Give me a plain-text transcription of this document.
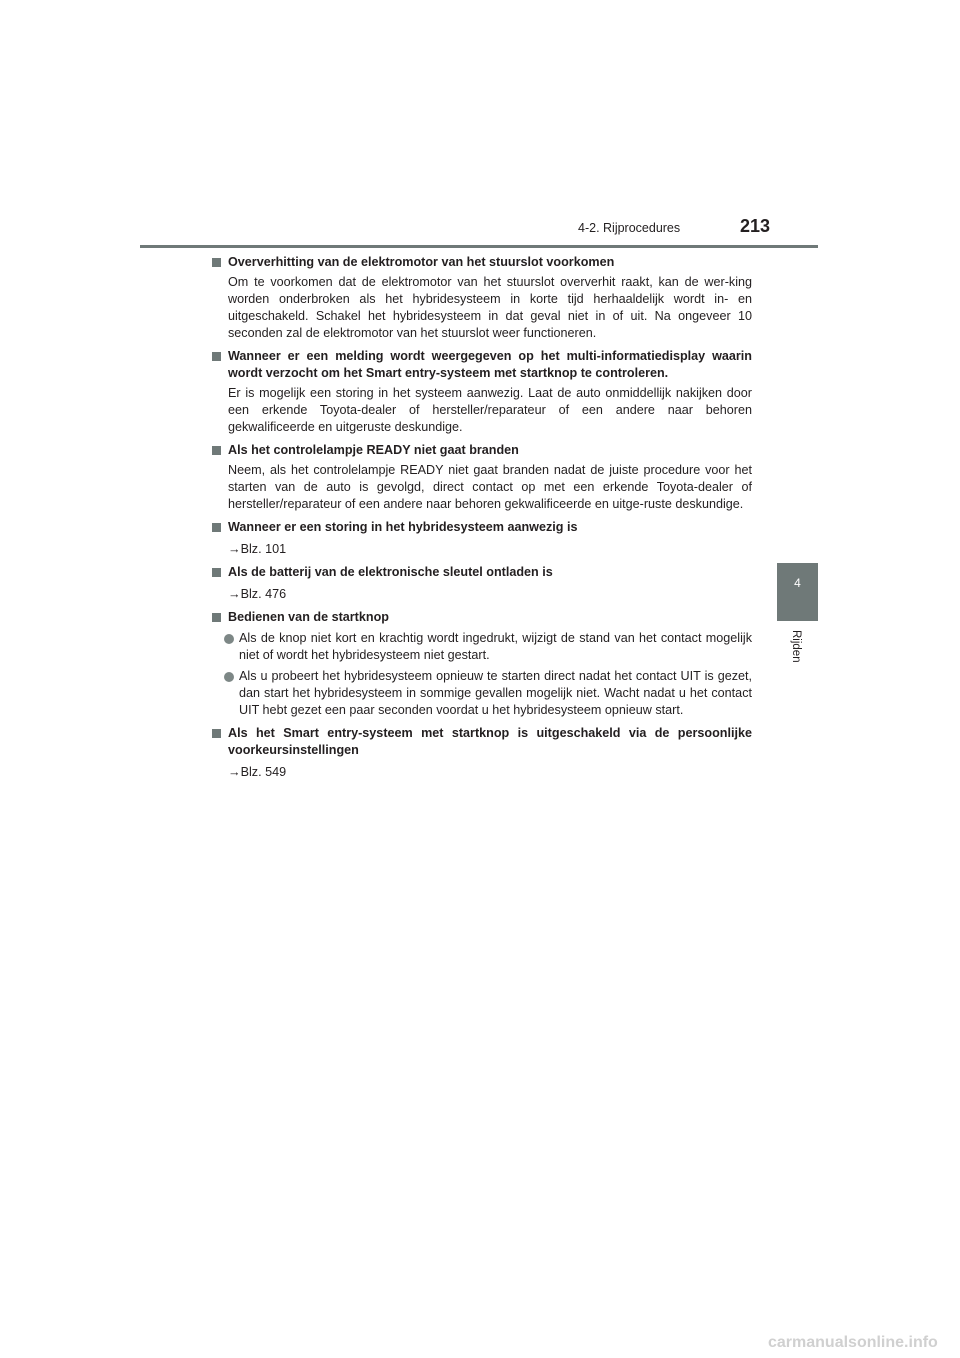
4-2. Rijprocedures	213
4
Rijden
Oververhitting van de elektromotor van het stuurslot voorkomen
Om te voorkomen dat de elektromotor van het stuurslot oververhit raakt, kan de wer-king worden onderbroken als het hybridesysteem in korte tijd herhaaldelijk wordt in- en uitgeschakeld. Schakel het hybridesysteem in dat geval niet in of uit. Na ongeveer 10 seconden zal de elektromotor van het stuurslot weer functioneren.
Wanneer er een melding wordt weergegeven op het multi-informatiedisplay waarin wordt verzocht om het Smart entry-systeem met startknop te controleren.
Er is mogelijk een storing in het systeem aanwezig. Laat de auto onmiddellijk nakijken door een erkende Toyota-dealer of hersteller/reparateur of een andere naar behoren gekwalificeerde en uitgeruste deskundige.
Als het controlelampje READY niet gaat branden
Neem, als het controlelampje READY niet gaat branden nadat de juiste procedure voor het starten van de auto is gevolgd, direct contact op met een erkende Toyota-dealer of hersteller/reparateur of een andere naar behoren gekwalificeerde en uitge-ruste deskundige.
Wanneer er een storing in het hybridesysteem aanwezig is
→Blz. 101
Als de batterij van de elektronische sleutel ontladen is
→Blz. 476
Bedienen van de startknop
Als de knop niet kort en krachtig wordt ingedrukt, wijzigt de stand van het contact mogelijk niet of wordt het hybridesysteem niet gestart.
Als u probeert het hybridesysteem opnieuw te starten direct nadat het contact UIT is gezet, dan start het hybridesysteem in sommige gevallen mogelijk niet. Wacht nadat u het contact UIT hebt gezet een paar seconden voordat u het hybridesysteem opnieuw start.
Als het Smart entry-systeem met startknop is uitgeschakeld via de persoonlijke voorkeursinstellingen
→Blz. 549
carmanualsonline.info
